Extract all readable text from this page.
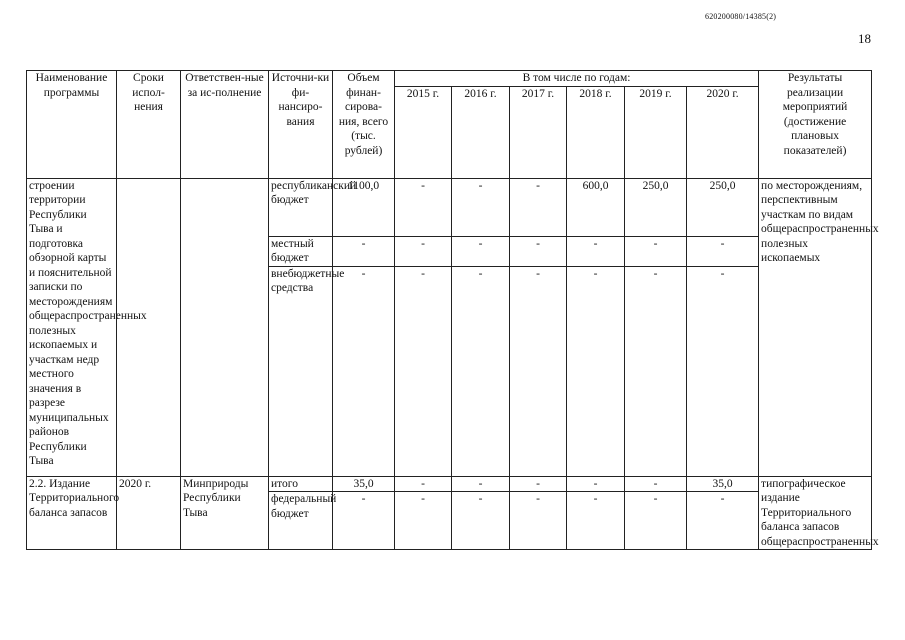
620200080/14385(2)
18
Наименование программы	Сроки испол-нения	Ответствен-ные за ис-полнение	Источни-ки фи-нансиро-вания	Объем финан-сирова-ния, всего (тыс. рублей)	В том числе по годам:						Результаты реализации мероприятий (достижение плановых показателей)
					2015 г.	2016 г.	2017 г.	2018 г.	2019 г.	2020 г.	
строении территории Республики Тыва и подготовка обзорной карты и пояснительной записки по месторождениям общераспространенных полезных ископаемых и участкам недр местного значения в разрезе муниципальных районов Республики Тыва			республиканский бюджет	1100,0	-	-	-	600,0	250,0	250,0	по месторождениям, перспективным участкам по видам общераспространенных полезных ископаемых
			местный бюджет	-	-	-	-	-	-	-	
			внебюджетные средства	-	-	-	-	-	-	-	
2.2. Издание Территориального баланса запасов	2020 г.	Минприроды Республики Тыва	итого	35,0	-	-	-	-	-	35,0	типографическое издание Территориального баланса запасов общераспространенных
			федеральный бюджет	-	-	-	-	-	-	-	
